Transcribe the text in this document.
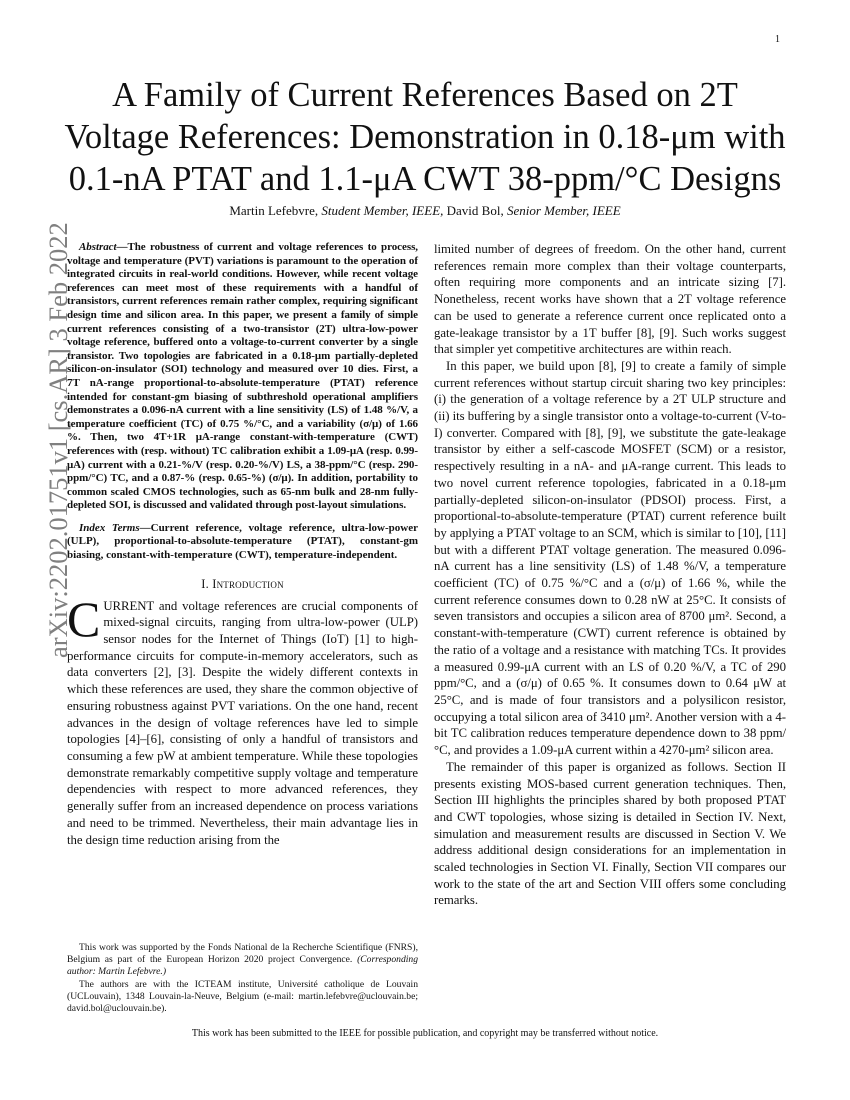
1
arXiv:2202.01751v1 [cs.AR] 3 Feb 2022
A Family of Current References Based on 2T Voltage References: Demonstration in 0.18-μm with 0.1-nA PTAT and 1.1-μA CWT 38-ppm/°C Designs
Martin Lefebvre, Student Member, IEEE, David Bol, Senior Member, IEEE

Abstract—The robustness of current and voltage references to process, voltage and temperature (PVT) variations is paramount to the operation of integrated circuits in real-world conditions. However, while recent voltage references can meet most of these requirements with a handful of transistors, current references remain rather complex, requiring significant design time and silicon area. In this paper, we present a family of simple current references consisting of a two-transistor (2T) ultra-low-power voltage reference, buffered onto a voltage-to-current converter by a single transistor. Two topologies are fabricated in a 0.18-μm partially-depleted silicon-on-insulator (SOI) technology and measured over 10 dies. First, a 7T nA-range proportional-to-absolute-temperature (PTAT) reference intended for constant-gm biasing of subthreshold operational amplifiers demonstrates a 0.096-nA current with a line sensitivity (LS) of 1.48 %/V, a temperature coefficient (TC) of 0.75 %/°C, and a variability (σ/μ) of 1.66 %. Then, two 4T+1R μA-range constant-with-temperature (CWT) references with (resp. without) TC calibration exhibit a 1.09-μA (resp. 0.99-μA) current with a 0.21-%/V (resp. 0.20-%/V) LS, a 38-ppm/°C (resp. 290-ppm/°C) TC, and a 0.87-% (resp. 0.65-%) (σ/μ). In addition, portability to common scaled CMOS technologies, such as 65-nm bulk and 28-nm fully-depleted SOI, is discussed and validated through post-layout simulations.

Index Terms—Current reference, voltage reference, ultra-low-power (ULP), proportional-to-absolute-temperature (PTAT), constant-gm biasing, constant-with-temperature (CWT), temperature-independent.

I. Introduction

CURRENT and voltage references are crucial components of mixed-signal circuits, ranging from ultra-low-power (ULP) sensor nodes for the Internet of Things (IoT) [1] to high-performance circuits for compute-in-memory accelerators, such as data converters [2], [3]. Despite the widely different contexts in which these references are used, they share the common objective of ensuring robustness against PVT variations. On the one hand, recent advances in the design of voltage references have led to simple topologies [4]–[6], consisting of only a handful of transistors and consuming a few pW at ambient temperature. While these topologies demonstrate remarkably competitive supply voltage and temperature dependencies with respect to more advanced references, they generally suffer from an increased dependence on process variations and need to be trimmed. Nevertheless, their main advantage lies in the design time reduction arising from the

limited number of degrees of freedom. On the other hand, current references remain more complex than their voltage counterparts, often requiring more components and an intricate sizing [7]. Nonetheless, recent works have shown that a 2T voltage reference can be used to generate a reference current once replicated onto a gate-leakage transistor by a 1T buffer [8], [9]. Such works suggest that simpler yet competitive architectures are within reach.

In this paper, we build upon [8], [9] to create a family of simple current references without startup circuit sharing two key principles: (i) the generation of a voltage reference by a 2T ULP structure and (ii) its buffering by a single transistor onto a voltage-to-current (V-to-I) converter. Compared with [8], [9], we substitute the gate-leakage transistor by either a self-cascode MOSFET (SCM) or a resistor, respectively resulting in a nA- and μA-range current. This leads to two novel current reference topologies, fabricated in a 0.18-μm partially-depleted silicon-on-insulator (PDSOI) process. First, a proportional-to-absolute-temperature (PTAT) current reference built by applying a PTAT voltage to an SCM, which is similar to [10], [11] but with a different PTAT voltage generation. The measured 0.096-nA current has a line sensitivity (LS) of 1.48 %/V, a temperature coefficient (TC) of 0.75 %/°C and a (σ/μ) of 1.66 %, while the current reference consumes down to 0.28 nW at 25°C. It consists of seven transistors and occupies a silicon area of 8700 μm². Second, a constant-with-temperature (CWT) current reference is obtained by the ratio of a voltage and a resistance with matching TCs. It provides a measured 0.99-μA current with an LS of 0.20 %/V, a TC of 290 ppm/°C, and a (σ/μ) of 0.65 %. It consumes down to 0.64 μW at 25°C, and is made of four transistors and a polysilicon resistor, occupying a total silicon area of 3410 μm². Another version with a 4-bit TC calibration reduces temperature dependence down to 38 ppm/°C, and provides a 1.09-μA current within a 4270-μm² silicon area.

The remainder of this paper is organized as follows. Section II presents existing MOS-based current generation techniques. Then, Section III highlights the principles shared by both proposed PTAT and CWT topologies, whose sizing is detailed in Section IV. Next, simulation and measurement results are discussed in Section V. We address additional design considerations for an implementation in scaled technologies in Section VI. Finally, Section VII compares our work to the state of the art and Section VIII offers some concluding remarks.

This work was supported by the Fonds National de la Recherche Scientifique (FNRS), Belgium as part of the European Horizon 2020 project Convergence. (Corresponding author: Martin Lefebvre.)

The authors are with the ICTEAM institute, Université catholique de Louvain (UCLouvain), 1348 Louvain-la-Neuve, Belgium (e-mail: martin.lefebvre@uclouvain.be; david.bol@uclouvain.be).

This work has been submitted to the IEEE for possible publication, and copyright may be transferred without notice.
